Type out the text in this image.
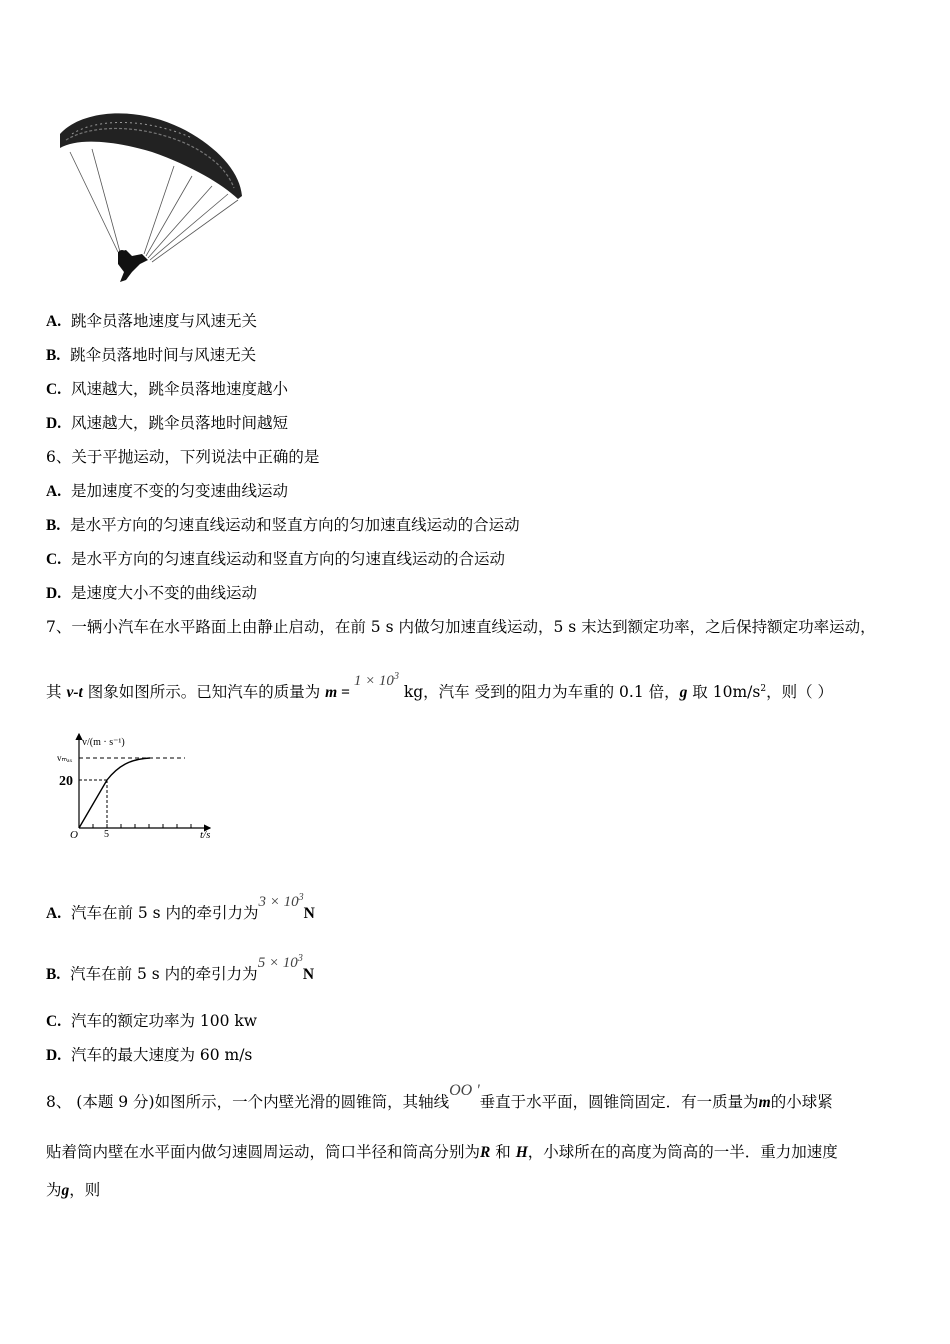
A. 跳伞员落地速度与风速无关
B. 跳伞员落地时间与风速无关
C. 风速越大，跳伞员落地速度越小
D. 风速越大，跳伞员落地时间越短
6、关于平抛运动，下列说法中正确的是
A. 是加速度不变的匀变速曲线运动
B. 是水平方向的匀速直线运动和竖直方向的匀加速直线运动的合运动
C. 是水平方向的匀速直线运动和竖直方向的匀速直线运动的合运动
D. 是速度大小不变的曲线运动
7、一辆小汽车在水平路面上由静止启动，在前 5 s 内做匀加速直线运动，5 s 末达到额定功率，之后保持额定功率运动，
其 v-t 图象如图所示。已知汽车的质量为 $m = 1 \times 10^3$ kg，汽车 受到的阻力为车重的 0.1 倍，g 取 $10m/s^2$，则（ ）
v/(m · s⁻¹)
vₘₐₓ
20
O	5	t/s
A. 汽车在前 5 s 内的牵引力为$3 \times 10^3N$
B. 汽车在前 5 s 内的牵引力为$5 \times 10^3N$
C. 汽车的额定功率为 100 kw
D. 汽车的最大速度为 60 m/s
8、 (本题 9 分)如图所示，一个内壁光滑的圆锥筒，其轴线OO '垂直于水平面，圆锥筒固定．有一质量为m的小球紧
贴着筒内壁在水平面内做匀速圆周运动，筒口半径和筒高分别为R 和 H，小球所在的高度为筒高的一半．重力加速度
为g，则
